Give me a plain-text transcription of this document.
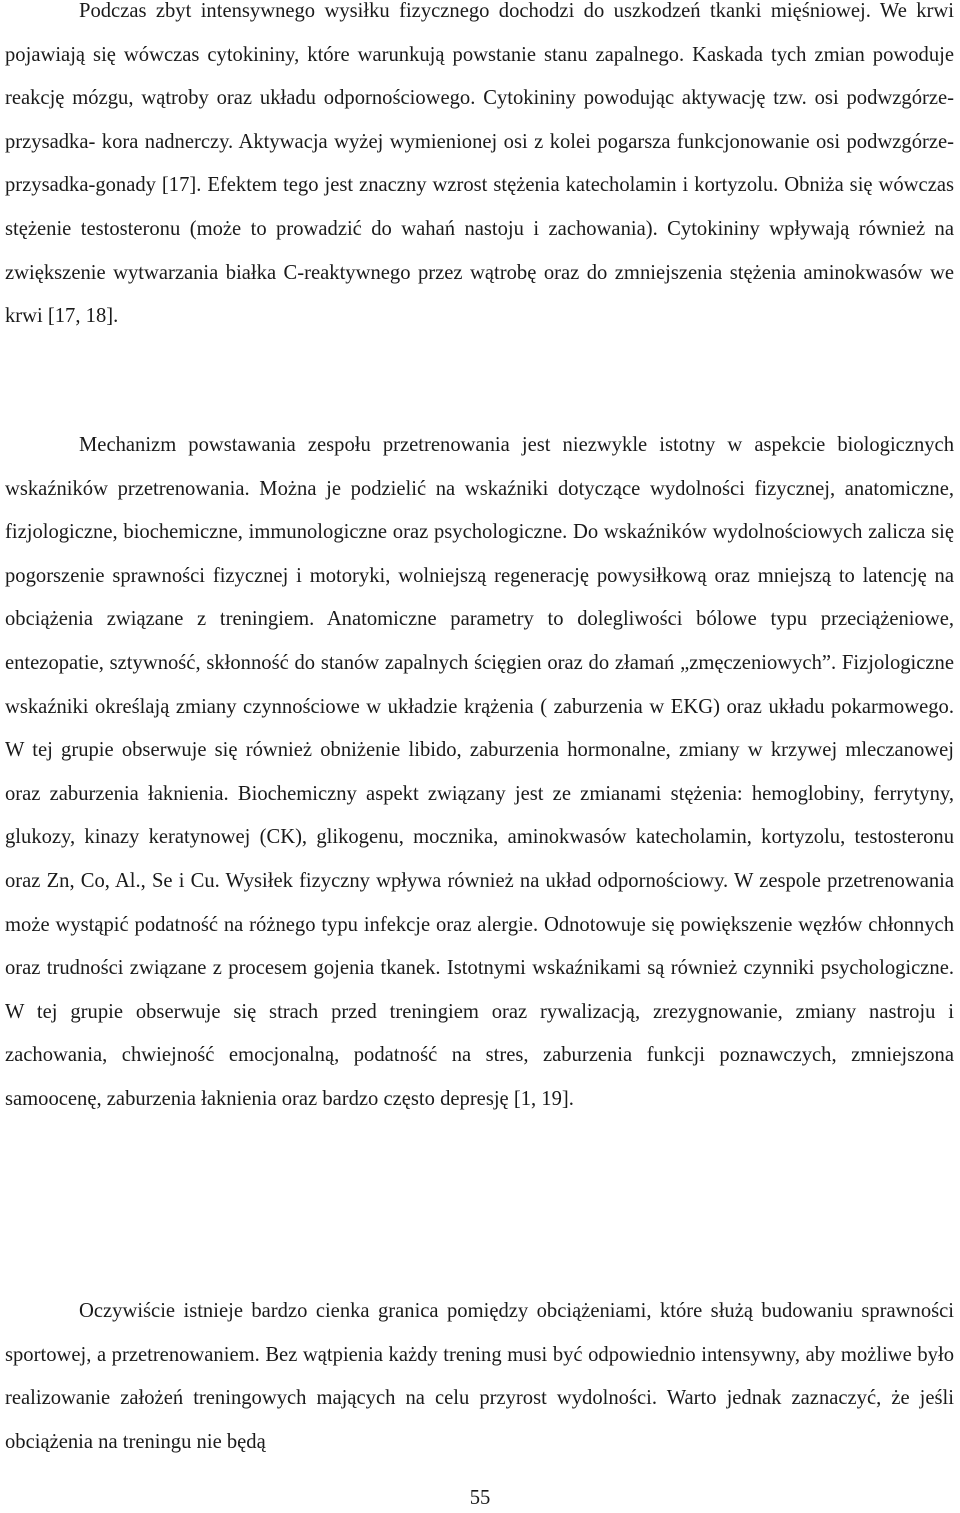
Podczas zbyt intensywnego wysiłku fizycznego dochodzi do uszkodzeń tkanki mięśniowej. We krwi pojawiają się wówczas cytokininy, które warunkują powstanie stanu zapalnego. Kaskada tych zmian powoduje reakcję mózgu, wątroby oraz układu odpornościowego. Cytokininy powodując aktywację tzw. osi podwzgórze- przysadka- kora nadnerczy. Aktywacja wyżej wymienionej osi z kolei pogarsza funkcjonowanie osi podwzgórze-przysadka-gonady [17]. Efektem tego jest znaczny wzrost stężenia katecholamin i kortyzolu. Obniża się wówczas stężenie testosteronu (może to prowadzić do wahań nastoju i zachowania). Cytokininy wpływają również na zwiększenie wytwarzania białka C-reaktywnego przez wątrobę oraz do zmniejszenia stężenia aminokwasów we krwi [17, 18].

Mechanizm powstawania zespołu przetrenowania jest niezwykle istotny w aspekcie biologicznych wskaźników przetrenowania. Można je podzielić na wskaźniki dotyczące wydolności fizycznej, anatomiczne, fizjologiczne, biochemiczne, immunologiczne oraz psychologiczne. Do wskaźników wydolnościowych zalicza się pogorszenie sprawności fizycznej i motoryki, wolniejszą regenerację powysiłkową oraz mniejszą to latencję na obciążenia związane z treningiem. Anatomiczne parametry to dolegliwości bólowe typu przeciążeniowe, entezopatie, sztywność, skłonność do stanów zapalnych ścięgien oraz do złamań „zmęczeniowych”. Fizjologiczne wskaźniki określają zmiany czynnościowe w układzie krążenia ( zaburzenia w EKG) oraz układu pokarmowego. W tej grupie obserwuje się również obniżenie libido, zaburzenia hormonalne, zmiany w krzywej mleczanowej oraz zaburzenia łaknienia. Biochemiczny aspekt związany jest ze zmianami stężenia: hemoglobiny, ferrytyny, glukozy, kinazy keratynowej (CK), glikogenu, mocznika, aminokwasów katecholamin, kortyzolu, testosteronu oraz Zn, Co, Al., Se i Cu. Wysiłek fizyczny wpływa również na układ odpornościowy. W zespole przetrenowania może wystąpić podatność na różnego typu infekcje oraz alergie. Odnotowuje się powiększenie węzłów chłonnych oraz trudności związane z procesem gojenia tkanek. Istotnymi wskaźnikami są również czynniki psychologiczne. W tej grupie obserwuje się strach przed treningiem oraz rywalizacją, zrezygnowanie, zmiany nastroju i zachowania, chwiejność emocjonalną, podatność na stres, zaburzenia funkcji poznawczych, zmniejszona samoocenę, zaburzenia łaknienia oraz bardzo często depresję [1, 19].

Oczywiście istnieje bardzo cienka granica pomiędzy obciążeniami, które służą budowaniu sprawności sportowej, a przetrenowaniem. Bez wątpienia każdy trening musi być odpowiednio intensywny, aby możliwe było realizowanie założeń treningowych mających na celu przyrost wydolności. Warto jednak zaznaczyć, że jeśli obciążenia na treningu nie będą

55
